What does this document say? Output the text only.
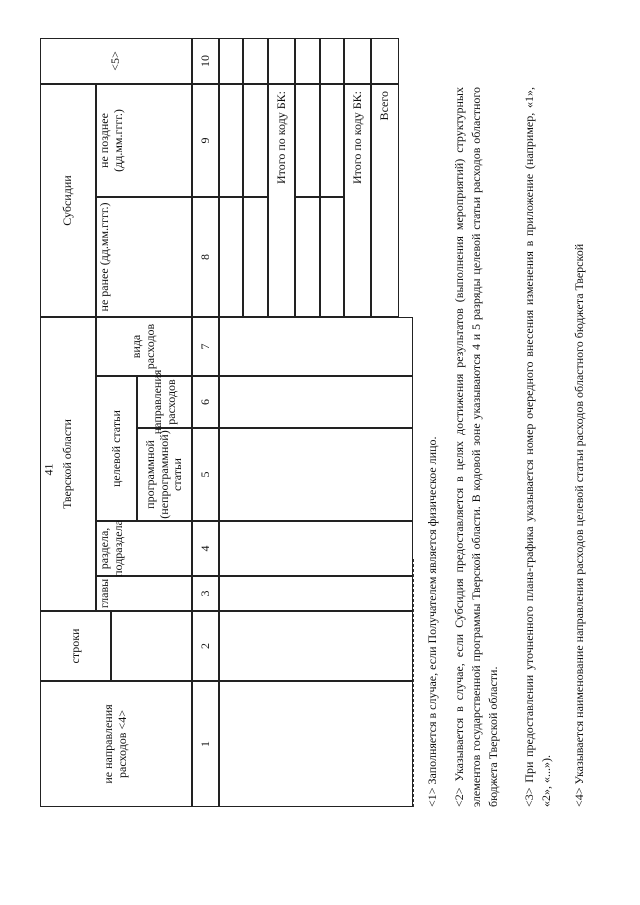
41
ие направления расходов <4>
строки
Тверской области
Субсидии
<5>
главы
раздела, подраздела
целевой статьи
вида расходов
не ранее (дд.мм.гггг.)
не позднее (дд.мм.гггг.)
программной (непрограммной) статьи
направления расходов
1
2
3
4
5
6
7
8
9
10
Итого по коду БК:	Итого по коду БК:	Всего
<1> Заполняется в случае, если Получателем является физическое лицо. <2> Указывается в случае, если Субсидия предоставляется в целях достижения результатов (выполнения мероприятий) структурных элементов государственной программы Тверской области. В кодовой зоне указываются 4 и 5 разряды целевой статьи расходов областного бюджета Тверской области. <3> При предоставлении уточненного плана-графика указывается номер очередного внесения изменения в приложение (например, «1», «2», «...»). <4> Указывается наименование направления расходов целевой статьи расходов областного бюджета Тверской
